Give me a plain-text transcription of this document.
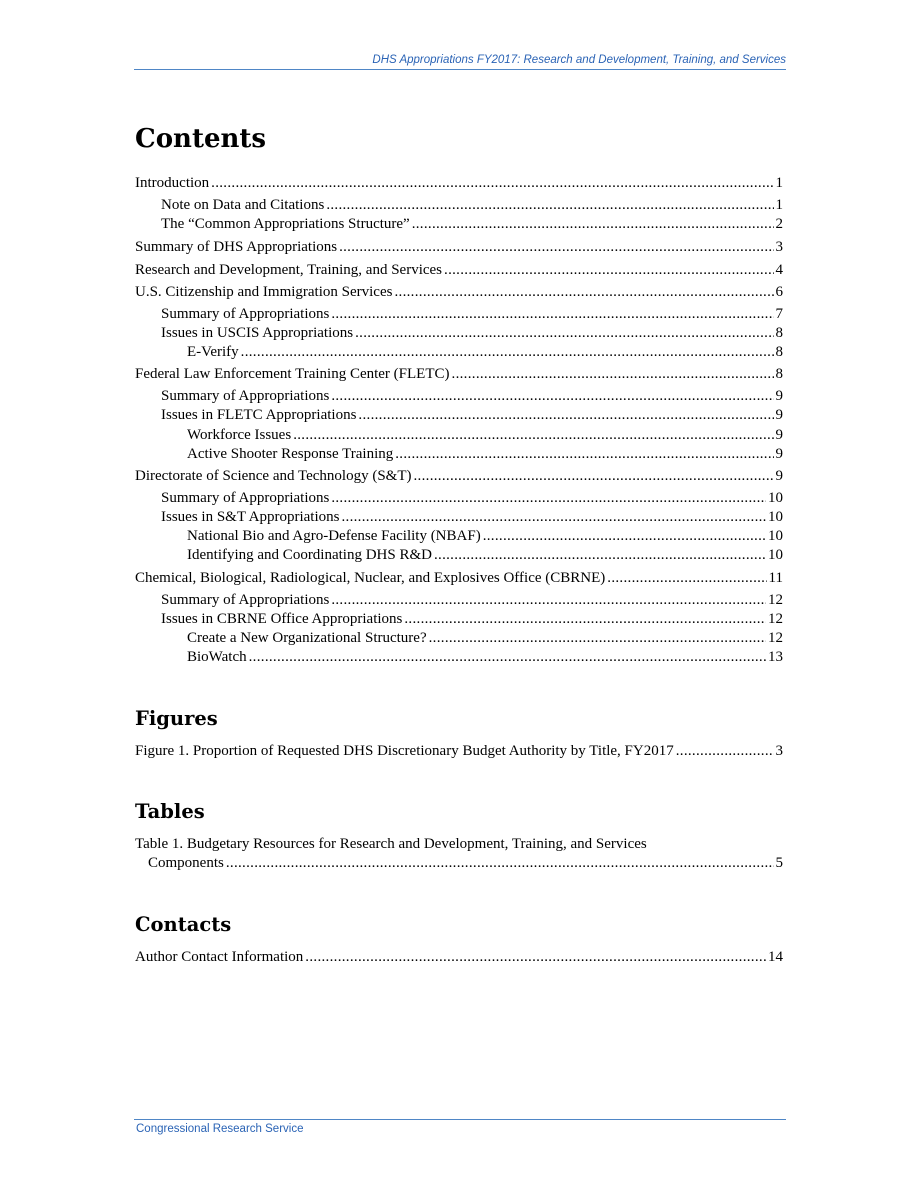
DHS Appropriations FY2017: Research and Development, Training, and Services
Contents
Introduction .....	1
Note on Data and Citations .....	1
The “Common Appropriations Structure” .....	2
Summary of DHS Appropriations .....	3
Research and Development, Training, and Services .....	4
U.S. Citizenship and Immigration Services .....	6
Summary of Appropriations .....	7
Issues in USCIS Appropriations .....	8
E-Verify .....	8
Federal Law Enforcement Training Center (FLETC) .....	8
Summary of Appropriations .....	9
Issues in FLETC Appropriations .....	9
Workforce Issues .....	9
Active Shooter Response Training .....	9
Directorate of Science and Technology (S&T) .....	9
Summary of Appropriations .....	10
Issues in S&T Appropriations .....	10
National Bio and Agro-Defense Facility (NBAF) .....	10
Identifying and Coordinating DHS R&D .....	10
Chemical, Biological, Radiological, Nuclear, and Explosives Office (CBRNE) .....	11
Summary of Appropriations .....	12
Issues in CBRNE Office Appropriations .....	12
Create a New Organizational Structure? .....	12
BioWatch .....	13
Figures
Figure 1. Proportion of Requested DHS Discretionary Budget Authority by Title, FY2017 .....	3
Tables
Table 1. Budgetary Resources for Research and Development, Training, and Services
Components .....	5
Contacts
Author Contact Information .....	14
Congressional Research Service
